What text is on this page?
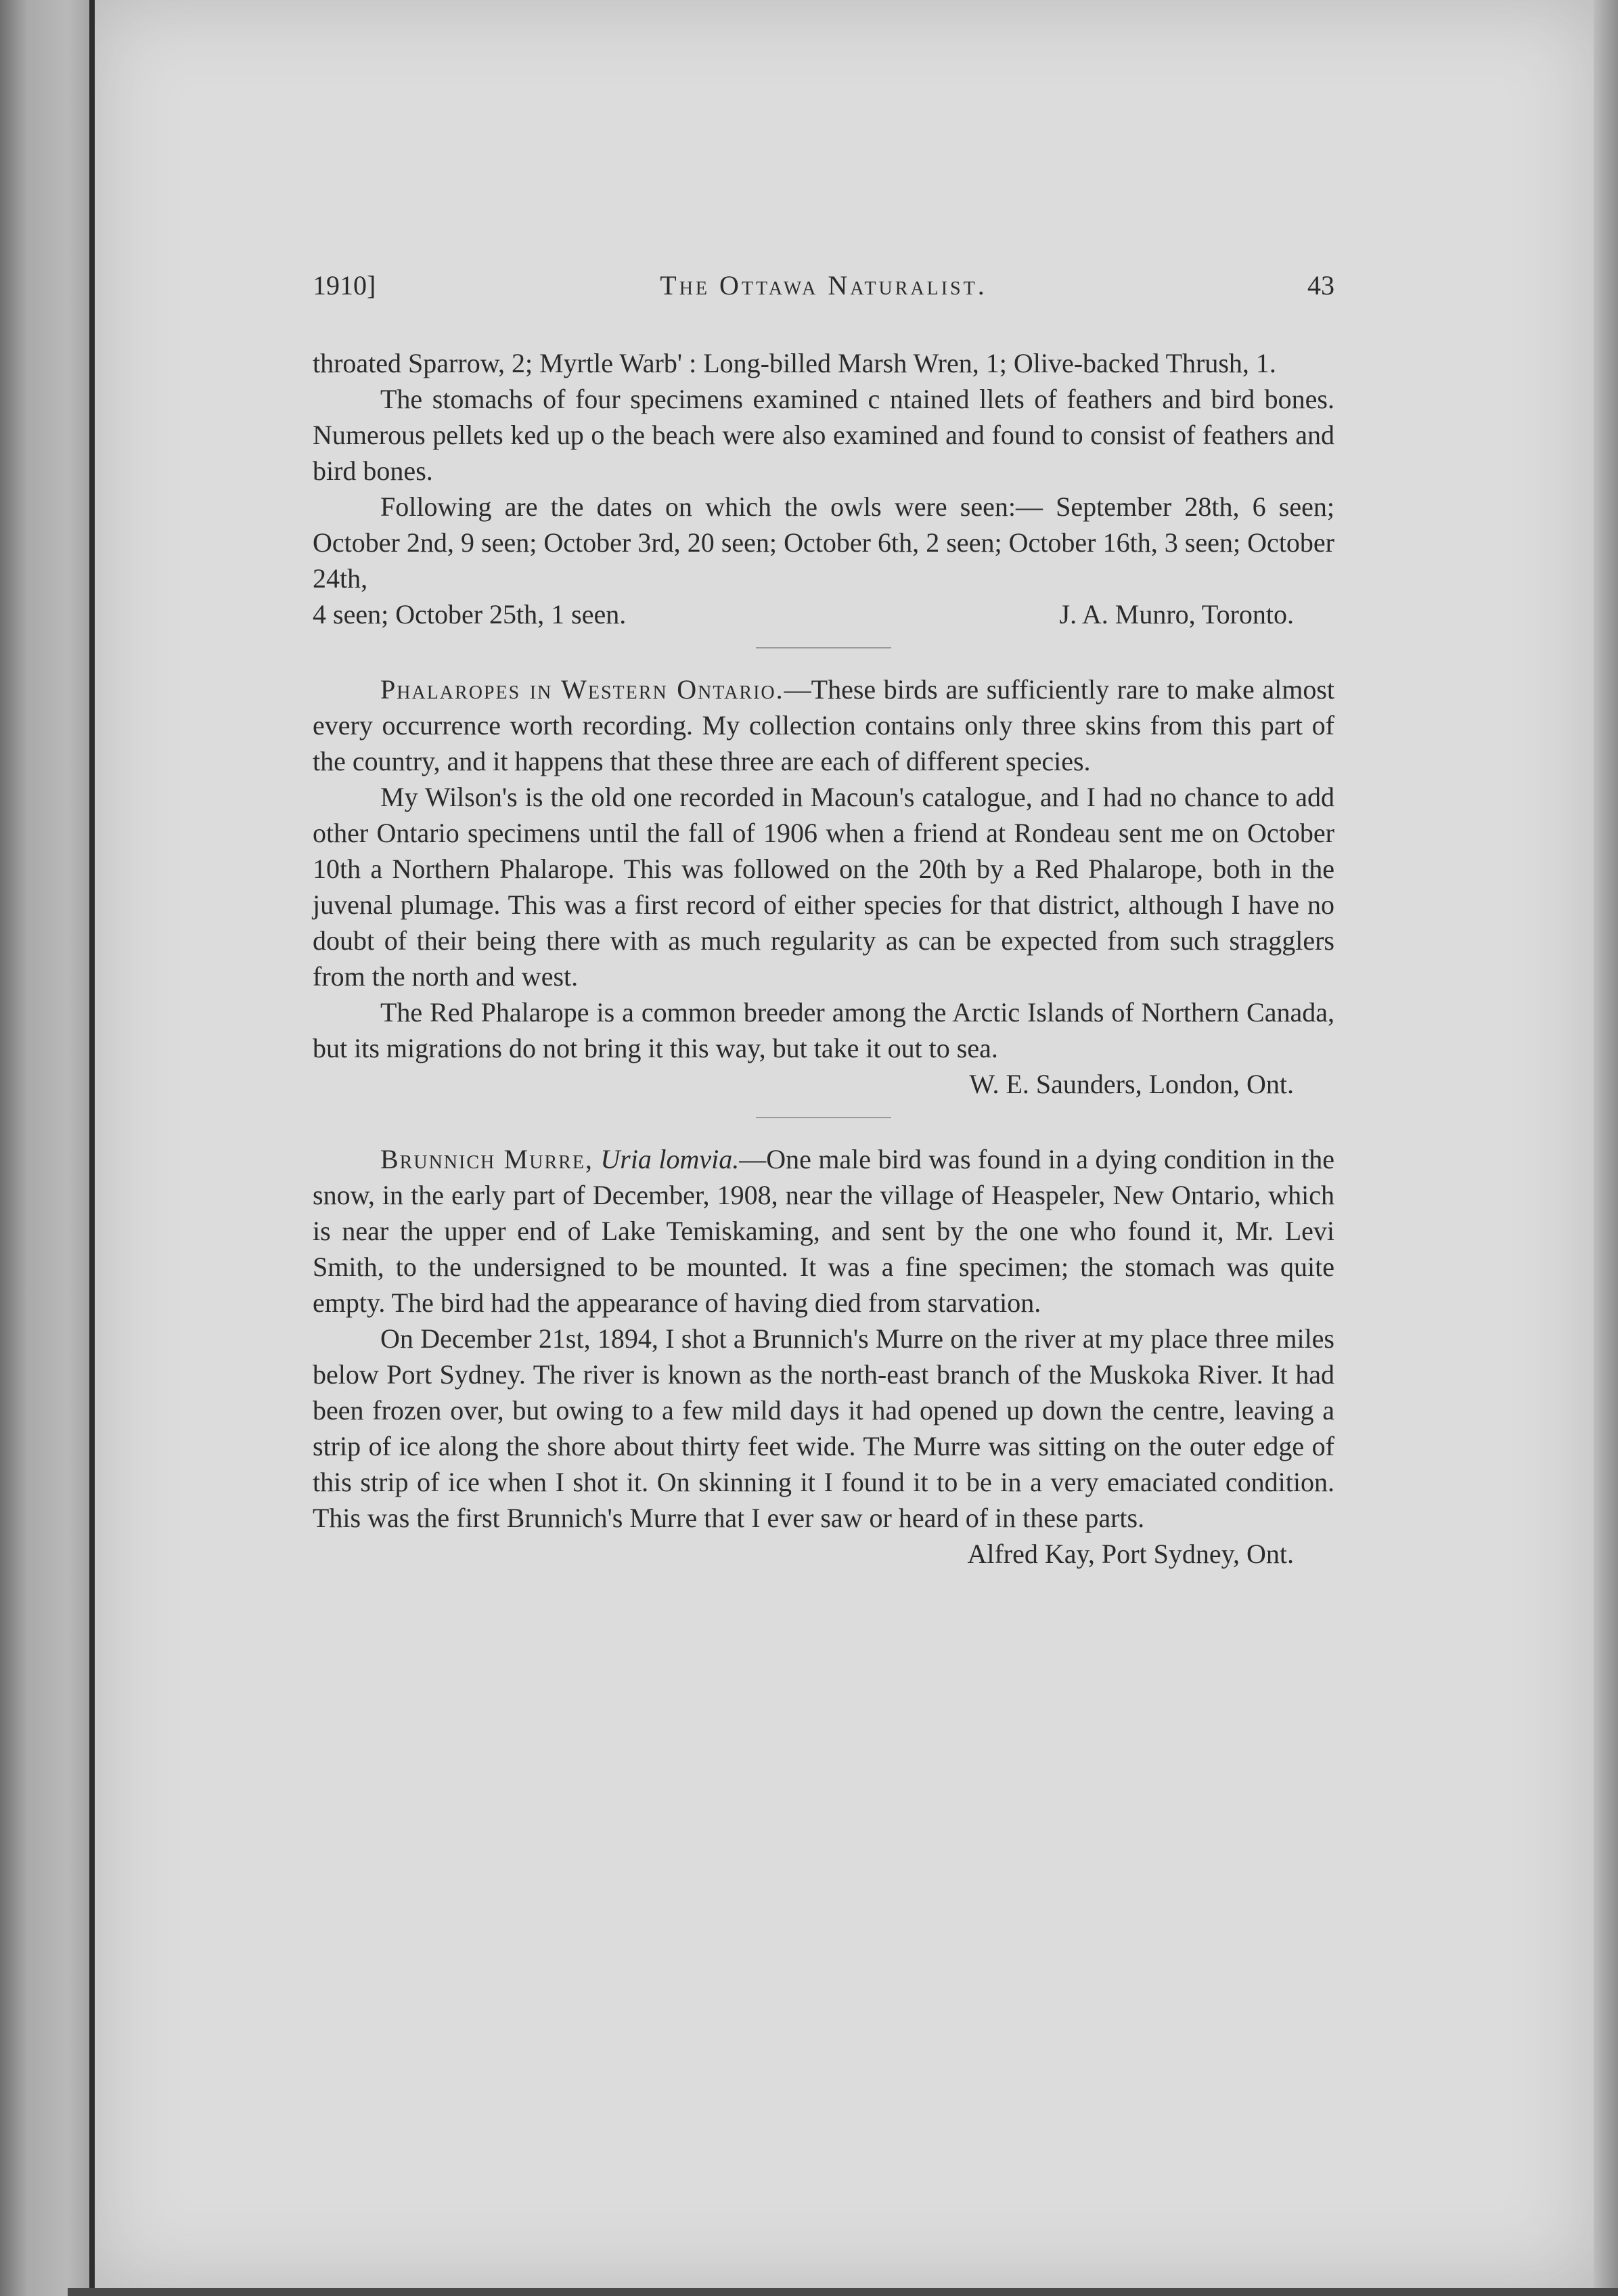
1910]	The Ottawa Naturalist.	43

throated Sparrow, 2; Myrtle Warb' : Long-billed Marsh Wren, 1; Olive-backed Thrush, 1.

The stomachs of four specimens examined c ntained llets of feathers and bird bones. Numerous pellets ked up o the beach were also examined and found to consist of feathers and bird bones.

Following are the dates on which the owls were seen:— September 28th, 6 seen; October 2nd, 9 seen; October 3rd, 20 seen; October 6th, 2 seen; October 16th, 3 seen; October 24th,

4 seen; October 25th, 1 seen.	J. A. Munro, Toronto.

Phalaropes in Western Ontario.—These birds are sufficiently rare to make almost every occurrence worth recording. My collection contains only three skins from this part of the country, and it happens that these three are each of different species.

My Wilson's is the old one recorded in Macoun's catalogue, and I had no chance to add other Ontario specimens until the fall of 1906 when a friend at Rondeau sent me on October 10th a Northern Phalarope. This was followed on the 20th by a Red Phalarope, both in the juvenal plumage. This was a first record of either species for that district, although I have no doubt of their being there with as much regularity as can be expected from such stragglers from the north and west.

The Red Phalarope is a common breeder among the Arctic Islands of Northern Canada, but its migrations do not bring it this way, but take it out to sea.

W. E. Saunders, London, Ont.

Brunnich Murre, Uria lomvia.—One male bird was found in a dying condition in the snow, in the early part of December, 1908, near the village of Heaspeler, New Ontario, which is near the upper end of Lake Temiskaming, and sent by the one who found it, Mr. Levi Smith, to the undersigned to be mounted. It was a fine specimen; the stomach was quite empty. The bird had the appearance of having died from starvation.

On December 21st, 1894, I shot a Brunnich's Murre on the river at my place three miles below Port Sydney. The river is known as the north-east branch of the Muskoka River. It had been frozen over, but owing to a few mild days it had opened up down the centre, leaving a strip of ice along the shore about thirty feet wide. The Murre was sitting on the outer edge of this strip of ice when I shot it. On skinning it I found it to be in a very emaciated condition. This was the first Brunnich's Murre that I ever saw or heard of in these parts.

Alfred Kay, Port Sydney, Ont.
